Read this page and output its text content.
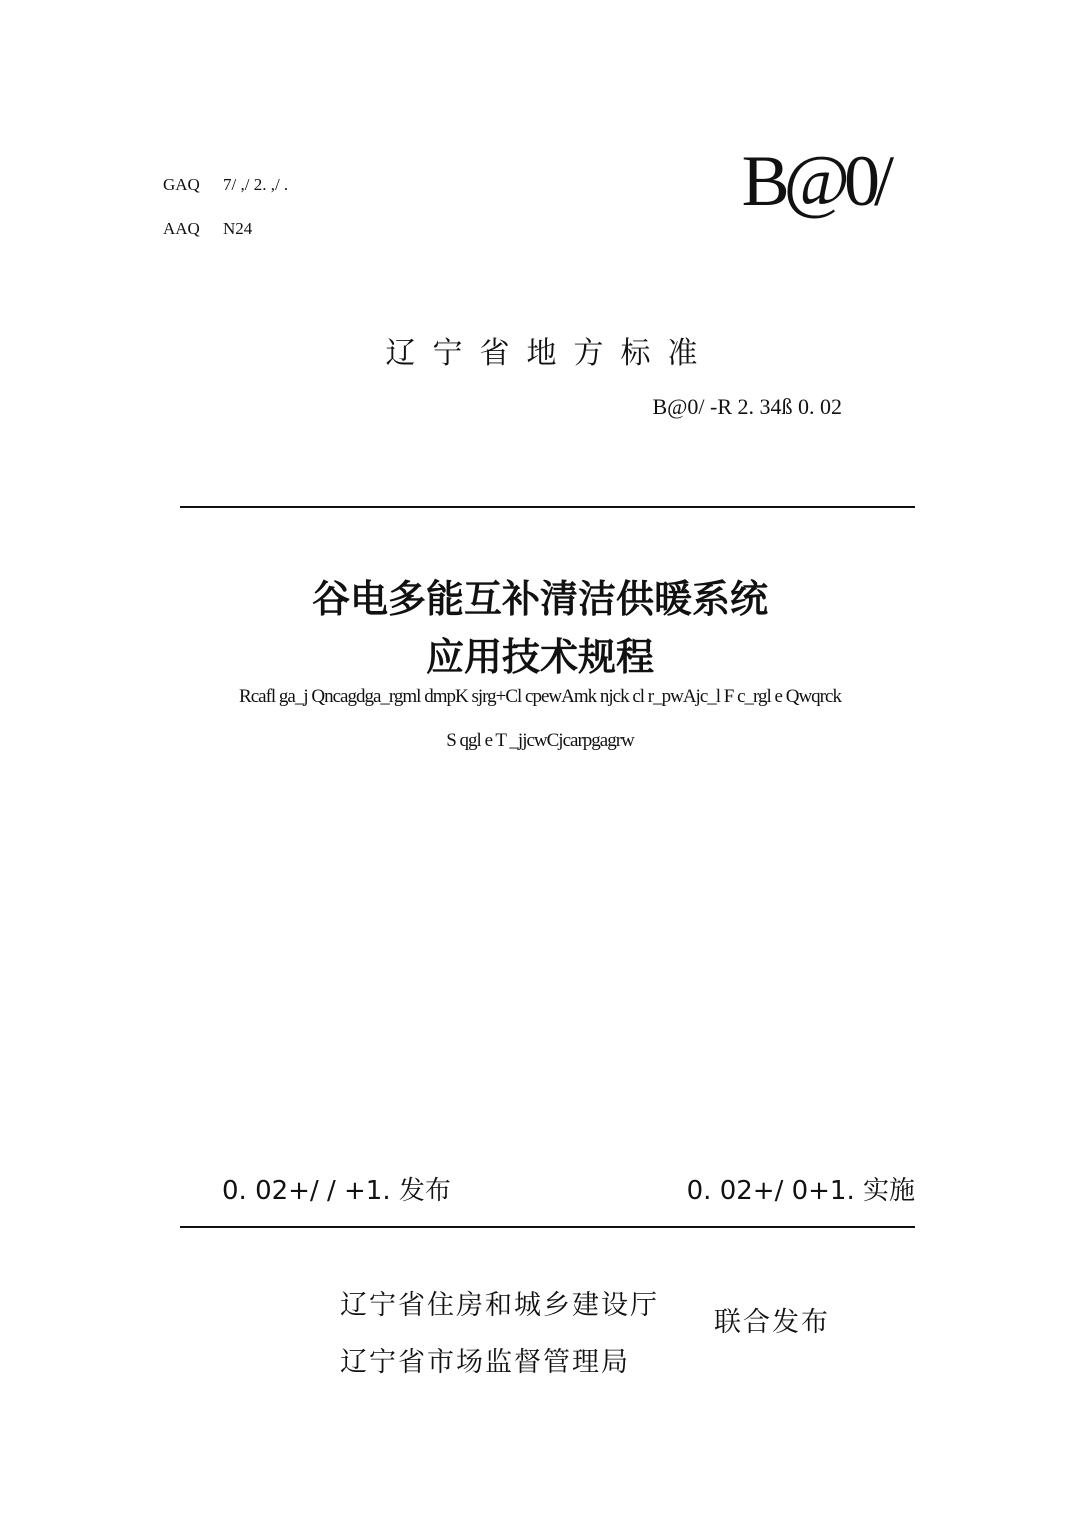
GAQ 7/ ,/ 2. ,/ .
AAQ N24
B@0/
辽宁省地方标准
B@0/ -R 2. 34ß 0. 02
谷电多能互补清洁供暖系统
应用技术规程
Rcafl ga_j Qncagdga_rgml dmpK sjrg+Cl cpewAmk njck cl r_pwAjc_l F c_rgl e Qwqrck
S qgl e T _jjcwCjcarpgagrw
0. 02+/ / +1. 发布	0. 02+/ 0+1. 实施
辽宁省住房和城乡建设厅
辽宁省市场监督管理局
联合发布
